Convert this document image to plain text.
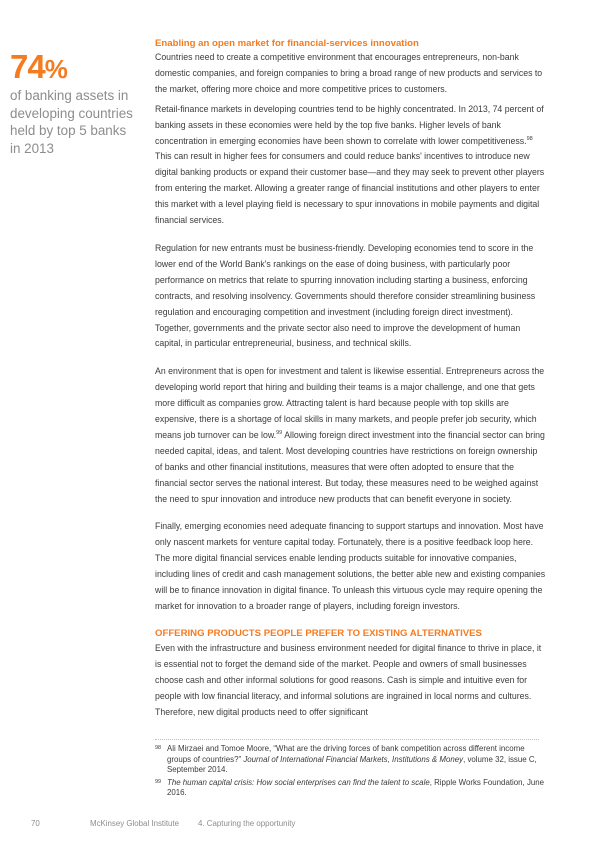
74%
of banking assets in developing countries held by top 5 banks in 2013
Enabling an open market for financial-services innovation

Countries need to create a competitive environment that encourages entrepreneurs, non-bank domestic companies, and foreign companies to bring a broad range of new products and services to the market, offering more choice and more competitive prices to customers.

Retail-finance markets in developing countries tend to be highly concentrated. In 2013, 74 percent of banking assets in these economies were held by the top five banks. Higher levels of bank concentration in emerging economies have been shown to correlate with lower competitiveness.$^{98}$ This can result in higher fees for consumers and could reduce banks' incentives to introduce new digital banking products or expand their customer base—and they may seek to prevent other players from entering the market. Allowing a greater range of financial institutions and other players to enter this market with a level playing field is necessary to spur innovations in mobile payments and digital financial services.

Regulation for new entrants must be business-friendly. Developing economies tend to score in the lower end of the World Bank's rankings on the ease of doing business, with particularly poor performance on metrics that relate to spurring innovation including starting a business, enforcing contracts, and resolving insolvency. Governments should therefore consider streamlining business regulation and encouraging competition and investment (including foreign direct investment). Together, governments and the private sector also need to improve the development of human capital, in particular entrepreneurial, business, and technical skills.

An environment that is open for investment and talent is likewise essential. Entrepreneurs across the developing world report that hiring and building their teams is a major challenge, and one that gets more difficult as companies grow. Attracting talent is hard because people with top skills are expensive, there is a shortage of local skills in many markets, and people prefer job security, which means job turnover can be low.$^{99}$ Allowing foreign direct investment into the financial sector can bring needed capital, ideas, and talent. Most developing countries have restrictions on foreign ownership of banks and other financial institutions, measures that were often adopted to ensure that the financial sector serves the national interest. But today, these measures need to be weighed against the need to spur innovation and introduce new products that can benefit everyone in society.

Finally, emerging economies need adequate financing to support startups and innovation. Most have only nascent markets for venture capital today. Fortunately, there is a positive feedback loop here. The more digital financial services enable lending products suitable for innovative companies, including lines of credit and cash management solutions, the better able new and existing companies will be to finance innovation in digital finance. To unleash this virtuous cycle may require opening the market for innovation to a broader range of players, including foreign investors.

OFFERING PRODUCTS PEOPLE PREFER TO EXISTING ALTERNATIVES

Even with the infrastructure and business environment needed for digital finance to thrive in place, it is essential not to forget the demand side of the market. People and owners of small businesses choose cash and other informal solutions for good reasons. Cash is simple and intuitive even for people with low financial literacy, and informal solutions are ingrained in local norms and cultures. Therefore, new digital products need to offer significant

98 Ali Mirzaei and Tomoe Moore, “What are the driving forces of bank competition across different income groups of countries?” Journal of International Financial Markets, Institutions & Money, volume 32, issue C, September 2014.
99 The human capital crisis: How social enterprises can find the talent to scale, Ripple Works Foundation, June 2016.
70	McKinsey Global Institute 4. Capturing the opportunity
